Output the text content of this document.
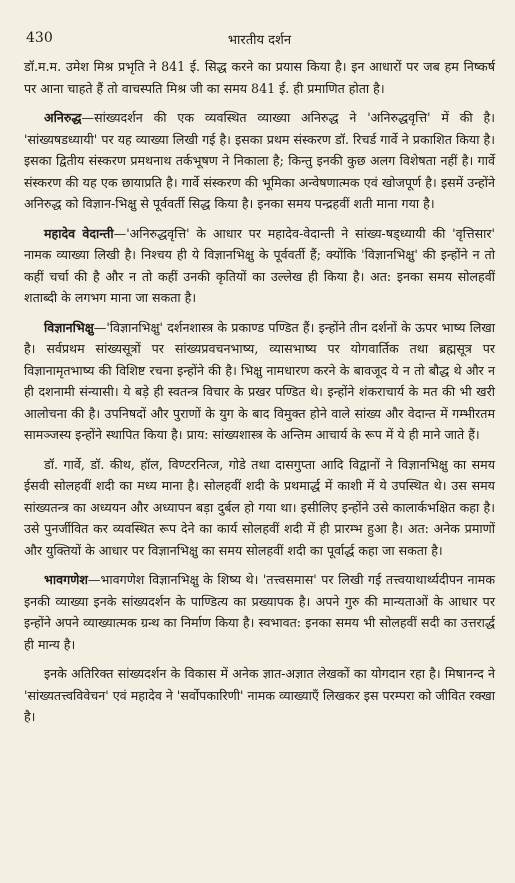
430	भारतीय दर्शन

डॉ.म.म. उमेश मिश्र प्रभृति ने 841 ई. सिद्ध करने का प्रयास किया है। इन आधारों पर जब हम निष्कर्ष पर आना चाहते हैं तो वाचस्पति मिश्र जी का समय 841 ई. ही प्रमाणित होता है।

अनिरुद्ध—सांख्यदर्शन की एक व्यवस्थित व्याख्या अनिरुद्ध ने 'अनिरुद्धवृत्ति' में की है। 'सांख्यषडध्यायी' पर यह व्याख्या लिखी गई है। इसका प्रथम संस्करण डॉ. रिचर्ड गार्वे ने प्रकाशित किया है। इसका द्वितीय संस्करण प्रमथनाथ तर्कभूषण ने निकाला है; किन्तु इनकी कुछ अलग विशेषता नहीं है। गार्वे संस्करण की यह एक छायाप्रति है। गार्वे संस्करण की भूमिका अन्वेषणात्मक एवं खोजपूर्ण है। इसमें उन्होंने अनिरुद्ध को विज्ञान-भिक्षु से पूर्ववर्ती सिद्ध किया है। इनका समय पन्द्रहवीं शती माना गया है।

महादेव वेदान्ती—'अनिरुद्धवृत्ति' के आधार पर महादेव-वेदान्ती ने सांख्य-षड्ध्यायी की 'वृत्तिसार' नामक व्याख्या लिखी है। निश्चय ही ये विज्ञानभिक्षु के पूर्ववर्ती हैं; क्योंकि 'विज्ञानभिक्षु' की इन्होंने न तो कहीं चर्चा की है और न तो कहीं उनकी कृतियों का उल्लेख ही किया है। अत: इनका समय सोलहवीं शताब्दी के लगभग माना जा सकता है।

विज्ञानभिक्षु—'विज्ञानभिक्षु' दर्शनशास्त्र के प्रकाण्ड पण्डित हैं। इन्होंने तीन दर्शनों के ऊपर भाष्य लिखा है। सर्वप्रथम सांख्यसूत्रों पर सांख्यप्रवचनभाष्य, व्यासभाष्य पर योगवार्तिक तथा ब्रह्मसूत्र पर विज्ञानामृतभाष्य की विशिष्ट रचना इन्होंने की है। भिक्षु नामधारण करने के बावजूद ये न तो बौद्ध थे और न ही दशनामी संन्यासी। ये बड़े ही स्वतन्त्र विचार के प्रखर पण्डित थे। इन्होंने शंकराचार्य के मत की भी खरी आलोचना की है। उपनिषदों और पुराणों के युग के बाद विमुक्त होने वाले सांख्य और वेदान्त में गम्भीरतम सामञ्जस्य इन्होंने स्थापित किया है। प्राय: सांख्यशास्त्र के अन्तिम आचार्य के रूप में ये ही माने जाते हैं।

डॉ. गार्वे, डॉ. कीथ, हॉल, विण्टरनित्ज, गोडे तथा दासगुप्ता आदि विद्वानों ने विज्ञानभिक्षु का समय ईसवी सोलहवीं शदी का मध्य माना है। सोलहवीं शदी के प्रथमार्द्ध में काशी में ये उपस्थित थे। उस समय सांख्यतन्त्र का अध्ययन और अध्यापन बड़ा दुर्बल हो गया था। इसीलिए इन्होंने उसे कालार्कभक्षित कहा है। उसे पुनर्जीवित कर व्यवस्थित रूप देने का कार्य सोलहवीं शदी में ही प्रारम्भ हुआ है। अत: अनेक प्रमाणों और युक्तियों के आधार पर विज्ञानभिक्षु का समय सोलहवीं शदी का पूर्वार्द्ध कहा जा सकता है।

भावगणेश—भावगणेश विज्ञानभिक्षु के शिष्य थे। 'तत्त्वसमास' पर लिखी गई तत्त्वयाथार्थ्यदीपन नामक इनकी व्याख्या इनके सांख्यदर्शन के पाण्डित्य का प्रख्यापक है। अपने गुरु की मान्यताओं के आधार पर इन्होंने अपने व्याख्यात्मक ग्रन्थ का निर्माण किया है। स्वभावत: इनका समय भी सोलहवीं सदी का उत्तरार्द्ध ही मान्य है।

इनके अतिरिक्त सांख्यदर्शन के विकास में अनेक ज्ञात-अज्ञात लेखकों का योगदान रहा है। मिषानन्द ने 'सांख्यतत्त्वविवेचन' एवं महादेव ने 'सर्वोपकारिणी' नामक व्याख्याएँ लिखकर इस परम्परा को जीवित रक्खा है।
